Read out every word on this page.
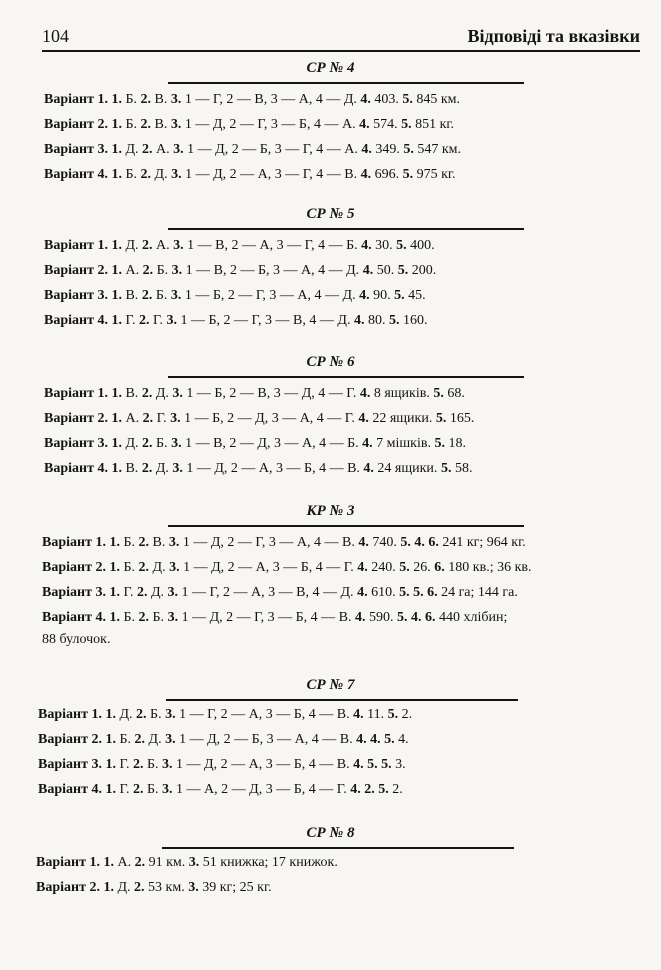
104	Відповіді та вказівки
СР № 4
Варіант 1. 1. Б. 2. В. 3. 1 — Г, 2 — В, 3 — А, 4 — Д. 4. 403. 5. 845 км.
Варіант 2. 1. Б. 2. В. 3. 1 — Д, 2 — Г, 3 — Б, 4 — А. 4. 574. 5. 851 кг.
Варіант 3. 1. Д. 2. А. 3. 1 — Д, 2 — Б, 3 — Г, 4 — А. 4. 349. 5. 547 км.
Варіант 4. 1. Б. 2. Д. 3. 1 — Д, 2 — А, 3 — Г, 4 — В. 4. 696. 5. 975 кг.
СР № 5
Варіант 1. 1. Д. 2. А. 3. 1 — В, 2 — А, 3 — Г, 4 — Б. 4. 30. 5. 400.
Варіант 2. 1. А. 2. Б. 3. 1 — В, 2 — Б, 3 — А, 4 — Д. 4. 50. 5. 200.
Варіант 3. 1. В. 2. Б. 3. 1 — Б, 2 — Г, 3 — А, 4 — Д. 4. 90. 5. 45.
Варіант 4. 1. Г. 2. Г. 3. 1 — Б, 2 — Г, 3 — В, 4 — Д. 4. 80. 5. 160.
СР № 6
Варіант 1. 1. В. 2. Д. 3. 1 — Б, 2 — В, 3 — Д, 4 — Г. 4. 8 ящиків. 5. 68.
Варіант 2. 1. А. 2. Г. 3. 1 — Б, 2 — Д, 3 — А, 4 — Г. 4. 22 ящики. 5. 165.
Варіант 3. 1. Д. 2. Б. 3. 1 — В, 2 — Д, 3 — А, 4 — Б. 4. 7 мішків. 5. 18.
Варіант 4. 1. В. 2. Д. 3. 1 — Д, 2 — А, 3 — Б, 4 — В. 4. 24 ящики. 5. 58.
КР № 3
Варіант 1. 1. Б. 2. В. 3. 1 — Д, 2 — Г, 3 — А, 4 — В. 4. 740. 5. 4. 6. 241 кг; 964 кг.
Варіант 2. 1. Б. 2. Д. 3. 1 — Д, 2 — А, 3 — Б, 4 — Г. 4. 240. 5. 26. 6. 180 кв.; 36 кв.
Варіант 3. 1. Г. 2. Д. 3. 1 — Г, 2 — А, 3 — В, 4 — Д. 4. 610. 5. 5. 6. 24 га; 144 га.
Варіант 4. 1. Б. 2. Б. 3. 1 — Д, 2 — Г, 3 — Б, 4 — В. 4. 590. 5. 4. 6. 440 хлібин;
88 булочок.
СР № 7
Варіант 1. 1. Д. 2. Б. 3. 1 — Г, 2 — А, 3 — Б, 4 — В. 4. 11. 5. 2.
Варіант 2. 1. Б. 2. Д. 3. 1 — Д, 2 — Б, 3 — А, 4 — В. 4. 4. 5. 4.
Варіант 3. 1. Г. 2. Б. 3. 1 — Д, 2 — А, 3 — Б, 4 — В. 4. 5. 5. 3.
Варіант 4. 1. Г. 2. Б. 3. 1 — А, 2 — Д, 3 — Б, 4 — Г. 4. 2. 5. 2.
СР № 8
Варіант 1. 1. А. 2. 91 км. 3. 51 книжка; 17 книжок.
Варіант 2. 1. Д. 2. 53 км. 3. 39 кг; 25 кг.
